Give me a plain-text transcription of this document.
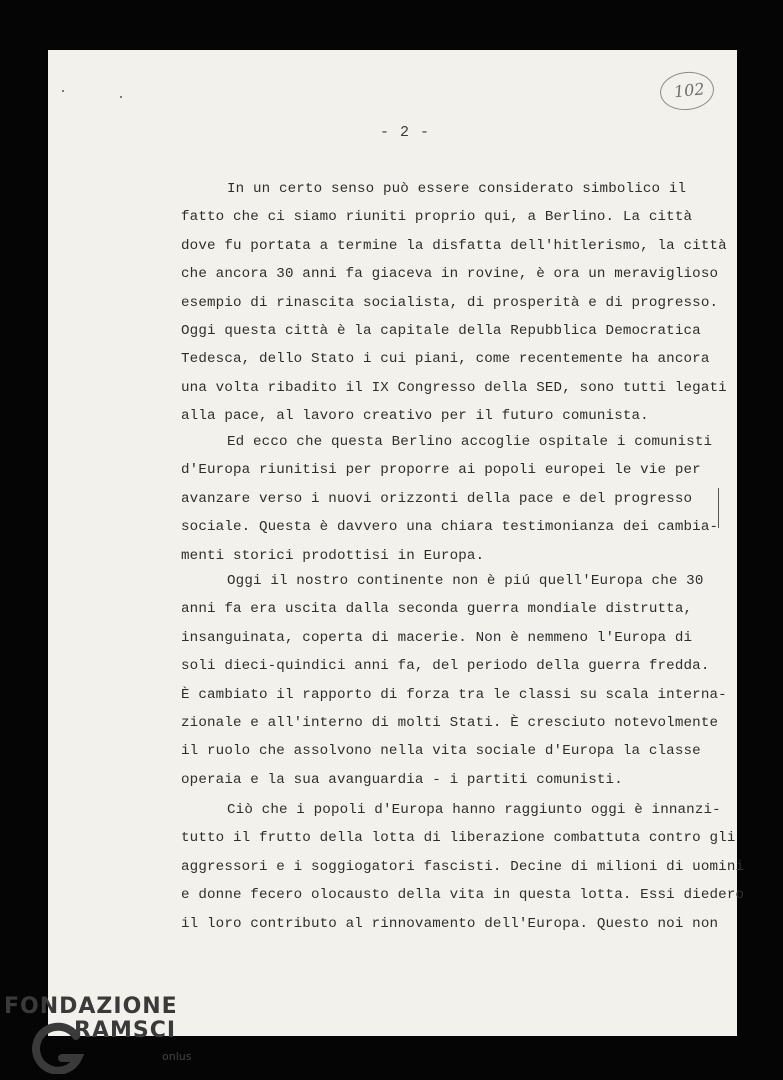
- 2 -
102
In un certo senso può essere considerato simbolico il
fatto che ci siamo riuniti proprio qui, a Berlino. La città
dove fu portata a termine la disfatta dell'hitlerismo, la città
che ancora 30 anni fa giaceva in rovine, è ora un meraviglioso
esempio di rinascita socialista, di prosperità e di progresso.
Oggi questa città è la capitale della Repubblica Democratica
Tedesca, dello Stato i cui piani, come recentemente ha ancora
una volta ribadito il IX Congresso della SED, sono tutti legati
alla pace, al lavoro creativo per il futuro comunista.
Ed ecco che questa Berlino accoglie ospitale i comunisti
d'Europa riunitisi per proporre ai popoli europei le vie per
avanzare verso i nuovi orizzonti della pace e del progresso
sociale. Questa è davvero una chiara testimonianza dei cambia-
menti storici prodottisi in Europa.
Oggi il nostro continente non è piú quell'Europa che 30
anni fa era uscita dalla seconda guerra mondiale distrutta,
insanguinata, coperta di macerie. Non è nemmeno l'Europa di
soli dieci-quindici anni fa, del periodo della guerra fredda.
È cambiato il rapporto di forza tra le classi su scala interna-
zionale e all'interno di molti Stati. È cresciuto notevolmente
il ruolo che assolvono nella vita sociale d'Europa la classe
operaia e la sua avanguardia - i partiti comunisti.
Ciò che i popoli d'Europa hanno raggiunto oggi è innanzi-
tutto il frutto della lotta di liberazione combattuta contro gli
aggressori e i soggiogatori fascisti. Decine di milioni di uomini
e donne fecero olocausto della vita in questa lotta. Essi diedero
il loro contributo al rinnovamento dell'Europa. Questo noi non
FONDAZIONE
RAMSCI
onlus
